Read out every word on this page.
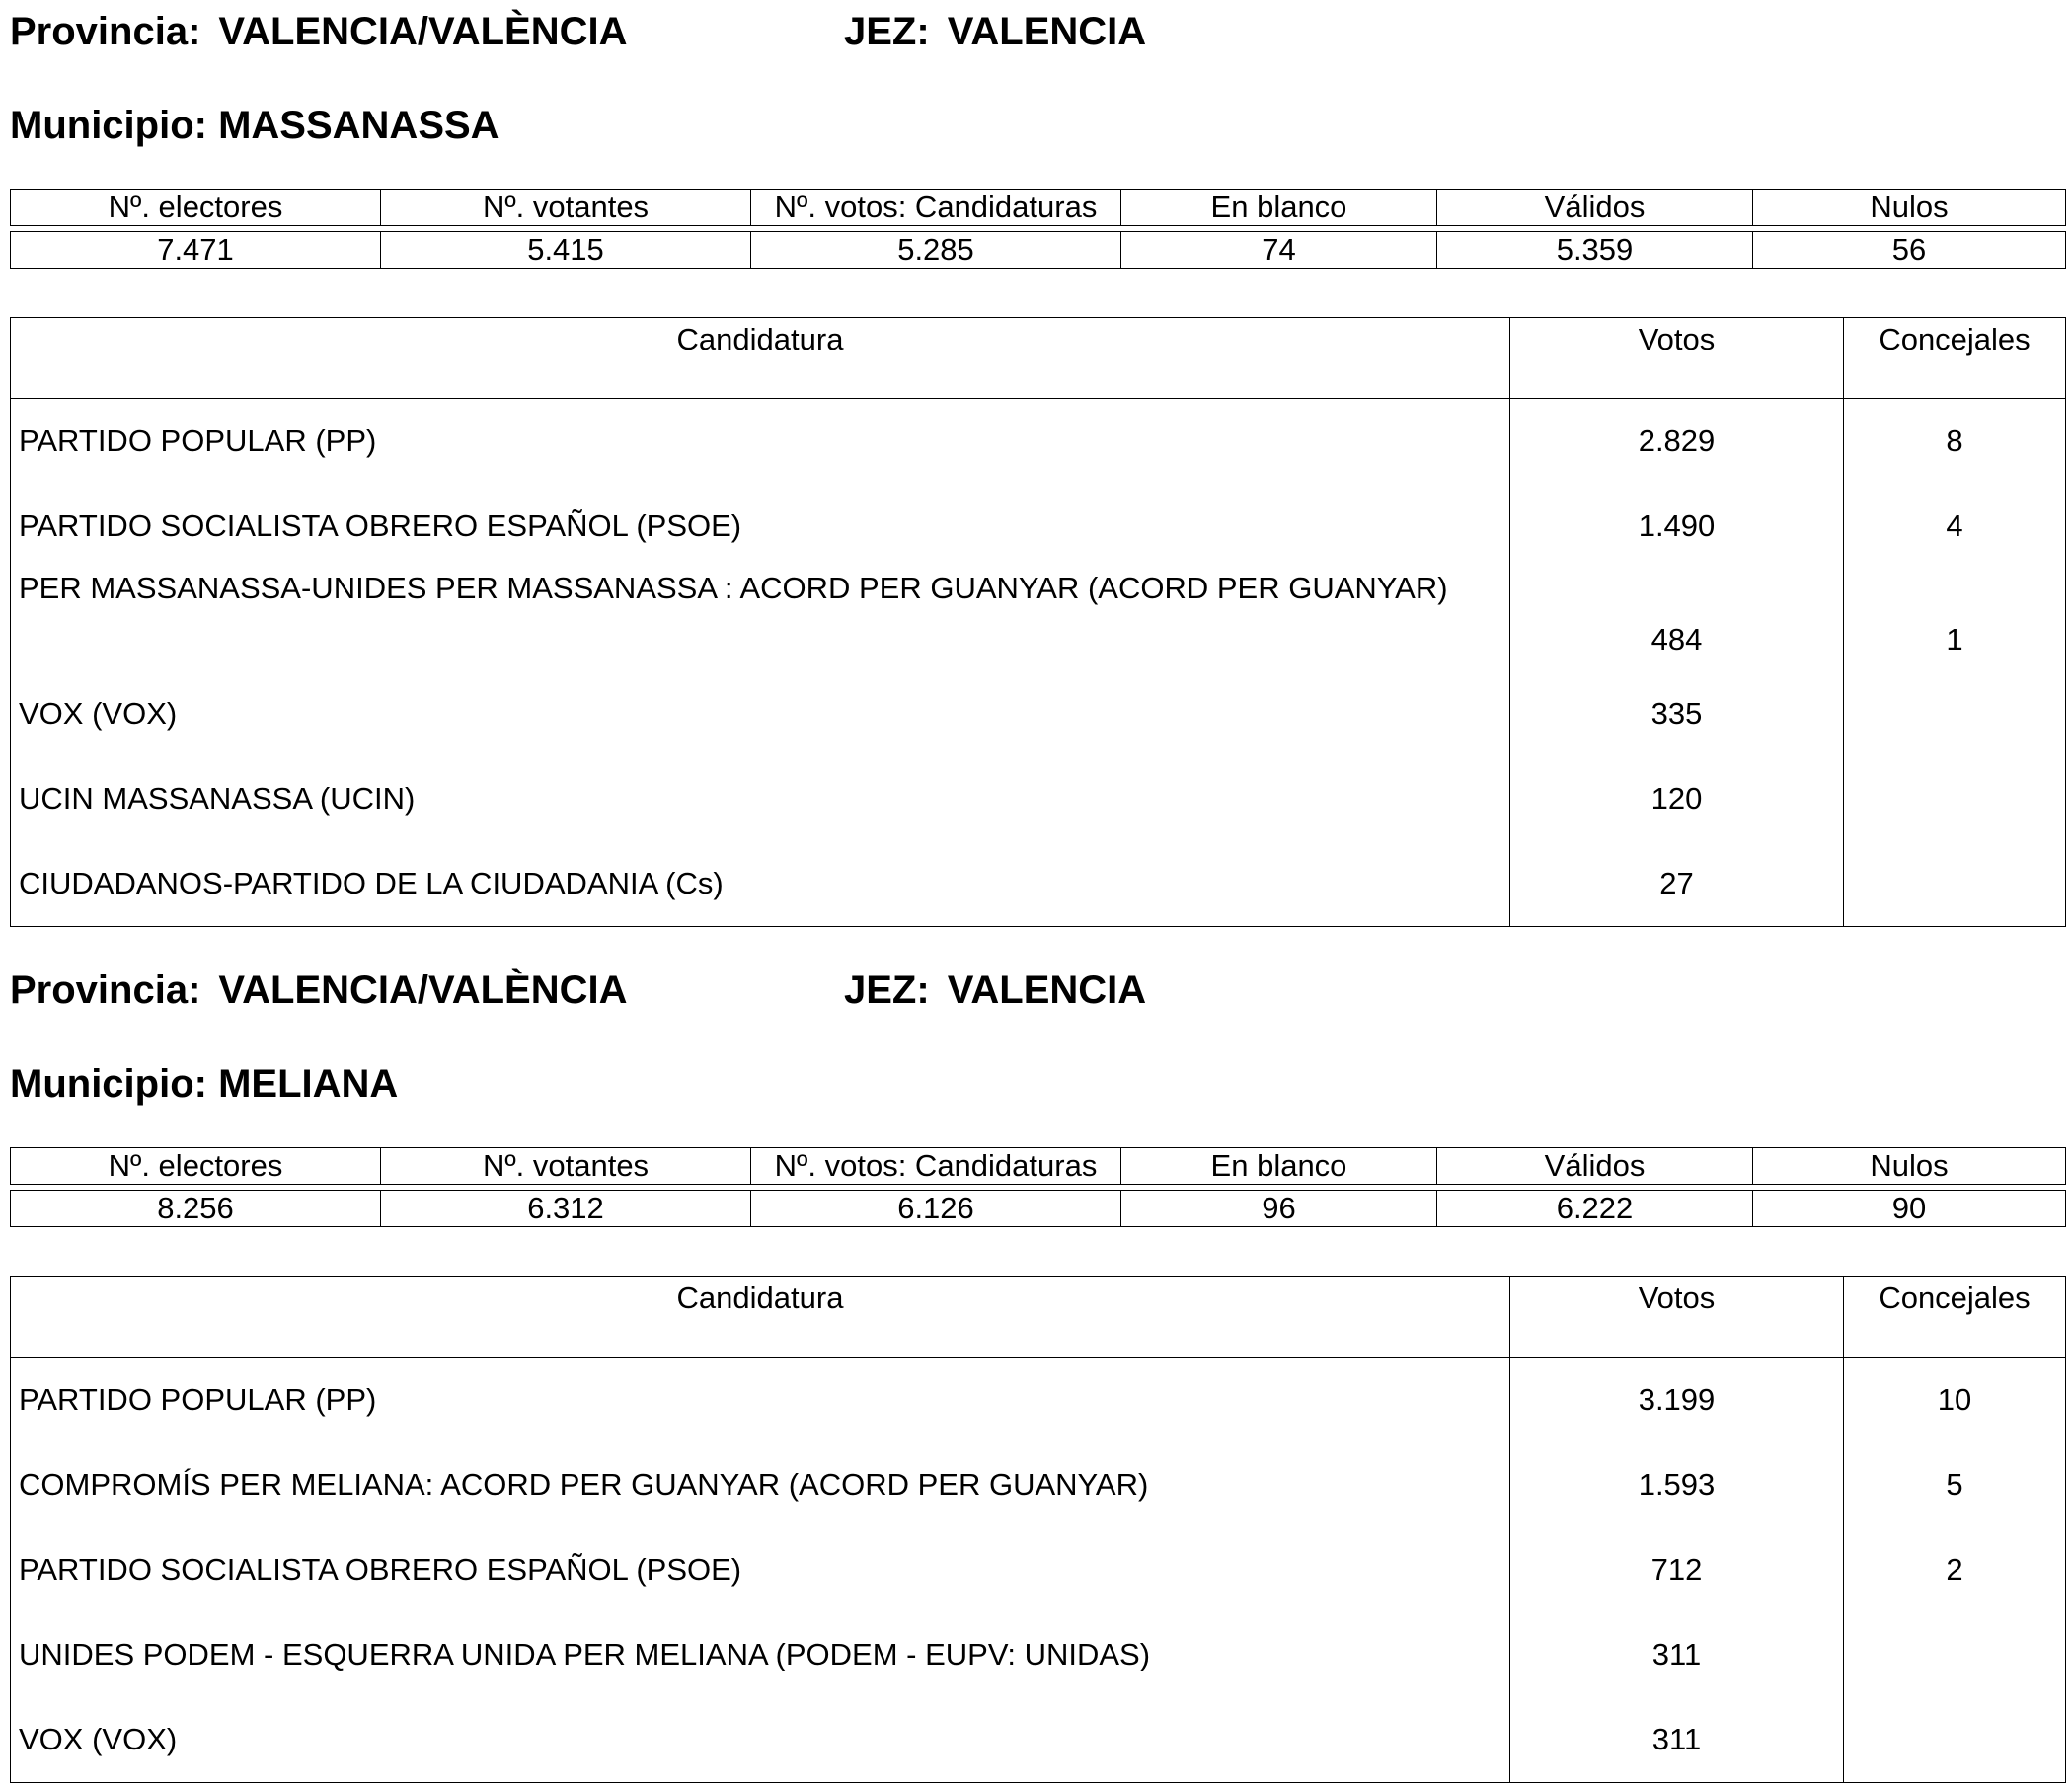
Provincia: VALENCIA/VALÈNCIA	JEZ: VALENCIA
Municipio: MASSANASSA
Nº. electores	Nº. votantes	Nº. votos: Candidaturas	En blanco	Válidos	Nulos
7.471	5.415	5.285	74	5.359	56
Candidatura	Votos	Concejales
PARTIDO POPULAR (PP)	2.829	8
PARTIDO SOCIALISTA OBRERO ESPAÑOL (PSOE)	1.490	4
PER MASSANASSA-UNIDES PER MASSANASSA : ACORD PER GUANYAR (ACORD PER GUANYAR)	484	1
VOX (VOX)	335	
UCIN MASSANASSA (UCIN)	120	
CIUDADANOS-PARTIDO DE LA CIUDADANIA (Cs)	27	
Provincia: VALENCIA/VALÈNCIA	JEZ: VALENCIA
Municipio: MELIANA
Nº. electores	Nº. votantes	Nº. votos: Candidaturas	En blanco	Válidos	Nulos
8.256	6.312	6.126	96	6.222	90
Candidatura	Votos	Concejales
PARTIDO POPULAR (PP)	3.199	10
COMPROMÍS PER MELIANA: ACORD PER GUANYAR (ACORD PER GUANYAR)	1.593	5
PARTIDO SOCIALISTA OBRERO ESPAÑOL (PSOE)	712	2
UNIDES PODEM - ESQUERRA UNIDA PER MELIANA (PODEM - EUPV: UNIDAS)	311	
VOX (VOX)	311	
